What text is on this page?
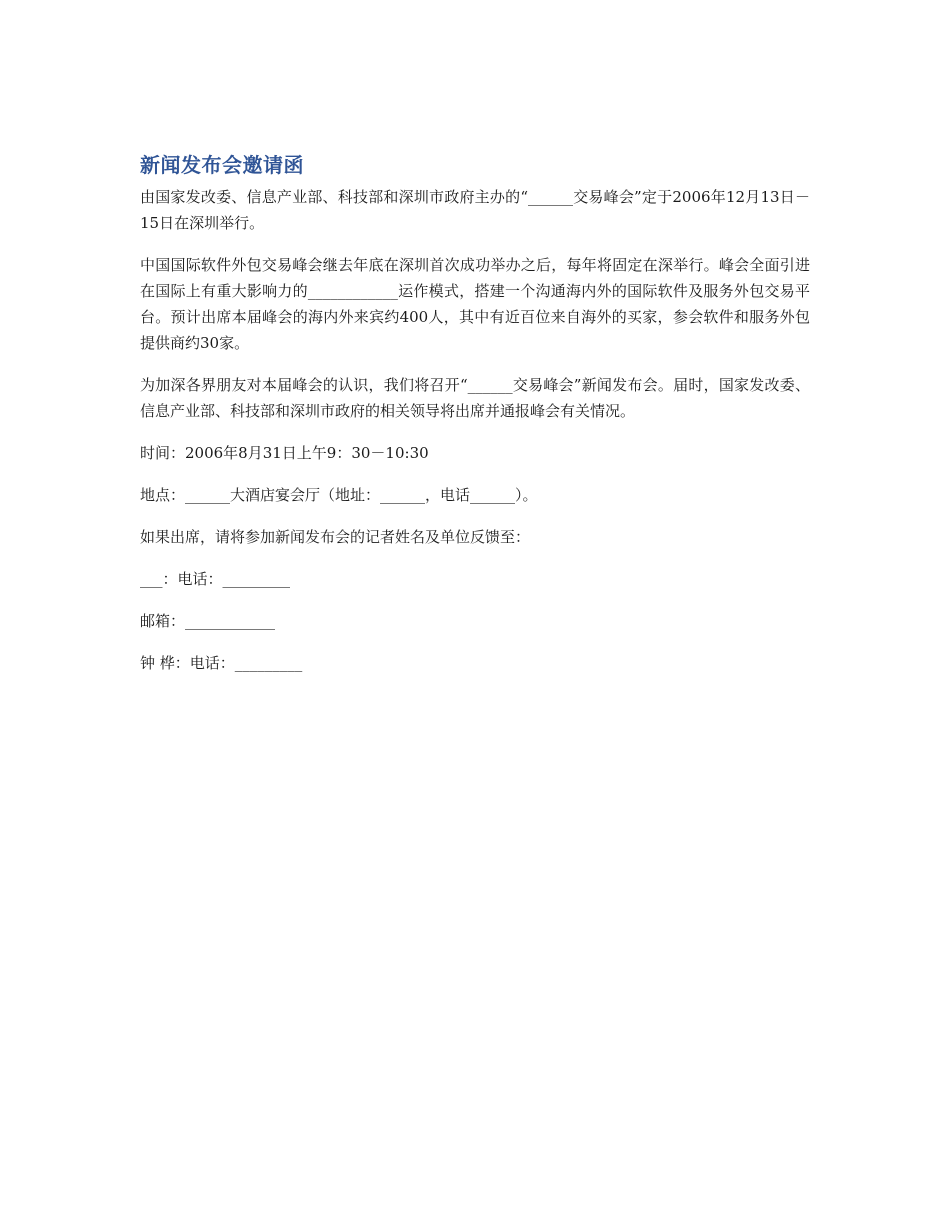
新闻发布会邀请函

由国家发改委、信息产业部、科技部和深圳市政府主办的“______交易峰会”定于2006年12月13日－15日在深圳举行。

中国国际软件外包交易峰会继去年底在深圳首次成功举办之后，每年将固定在深举行。峰会全面引进在国际上有重大影响力的____________运作模式，搭建一个沟通海内外的国际软件及服务外包交易平台。预计出席本届峰会的海内外来宾约400人，其中有近百位来自海外的买家，参会软件和服务外包提供商约30家。

为加深各界朋友对本届峰会的认识，我们将召开“______交易峰会”新闻发布会。届时，国家发改委、信息产业部、科技部和深圳市政府的相关领导将出席并通报峰会有关情况。

时间：2006年8月31日上午9：30－10:30

地点：______大酒店宴会厅（地址：______，电话______）。

如果出席，请将参加新闻发布会的记者姓名及单位反馈至：

___：电话：_________

邮箱：____________

钟 桦：电话：_________
